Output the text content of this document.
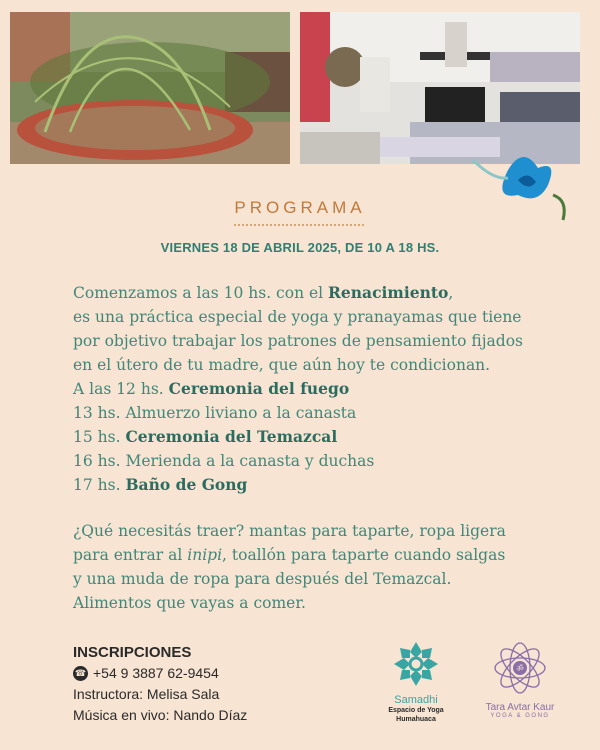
PROGRAMA
VIERNES 18 DE ABRIL 2025, DE 10 A 18 HS.

Comenzamos a las 10 hs. con el Renacimiento,

es una práctica especial de yoga y pranayamas que tiene

por objetivo trabajar los patrones de pensamiento fijados

en el útero de tu madre, que aún hoy te condicionan.

A las 12 hs. Ceremonia del fuego

13 hs. Almuerzo liviano a la canasta

15 hs. Ceremonia del Temazcal

16 hs. Merienda a la canasta y duchas

17 hs. Baño de Gong

¿Qué necesitás traer? mantas para taparte, ropa ligera

para entrar al inipi, toallón para taparte cuando salgas

y una muda de ropa para después del Temazcal.

Alimentos que vayas a comer.

INSCRIPCIONES
☎ +54 9 3887 62-9454
Instructora: Melisa Sala
Música en vivo: Nando Díaz
Samadhi
Espacio de Yoga
Humahuaca
ॐ
Tara Avtar Kaur
YOGA & GONG
